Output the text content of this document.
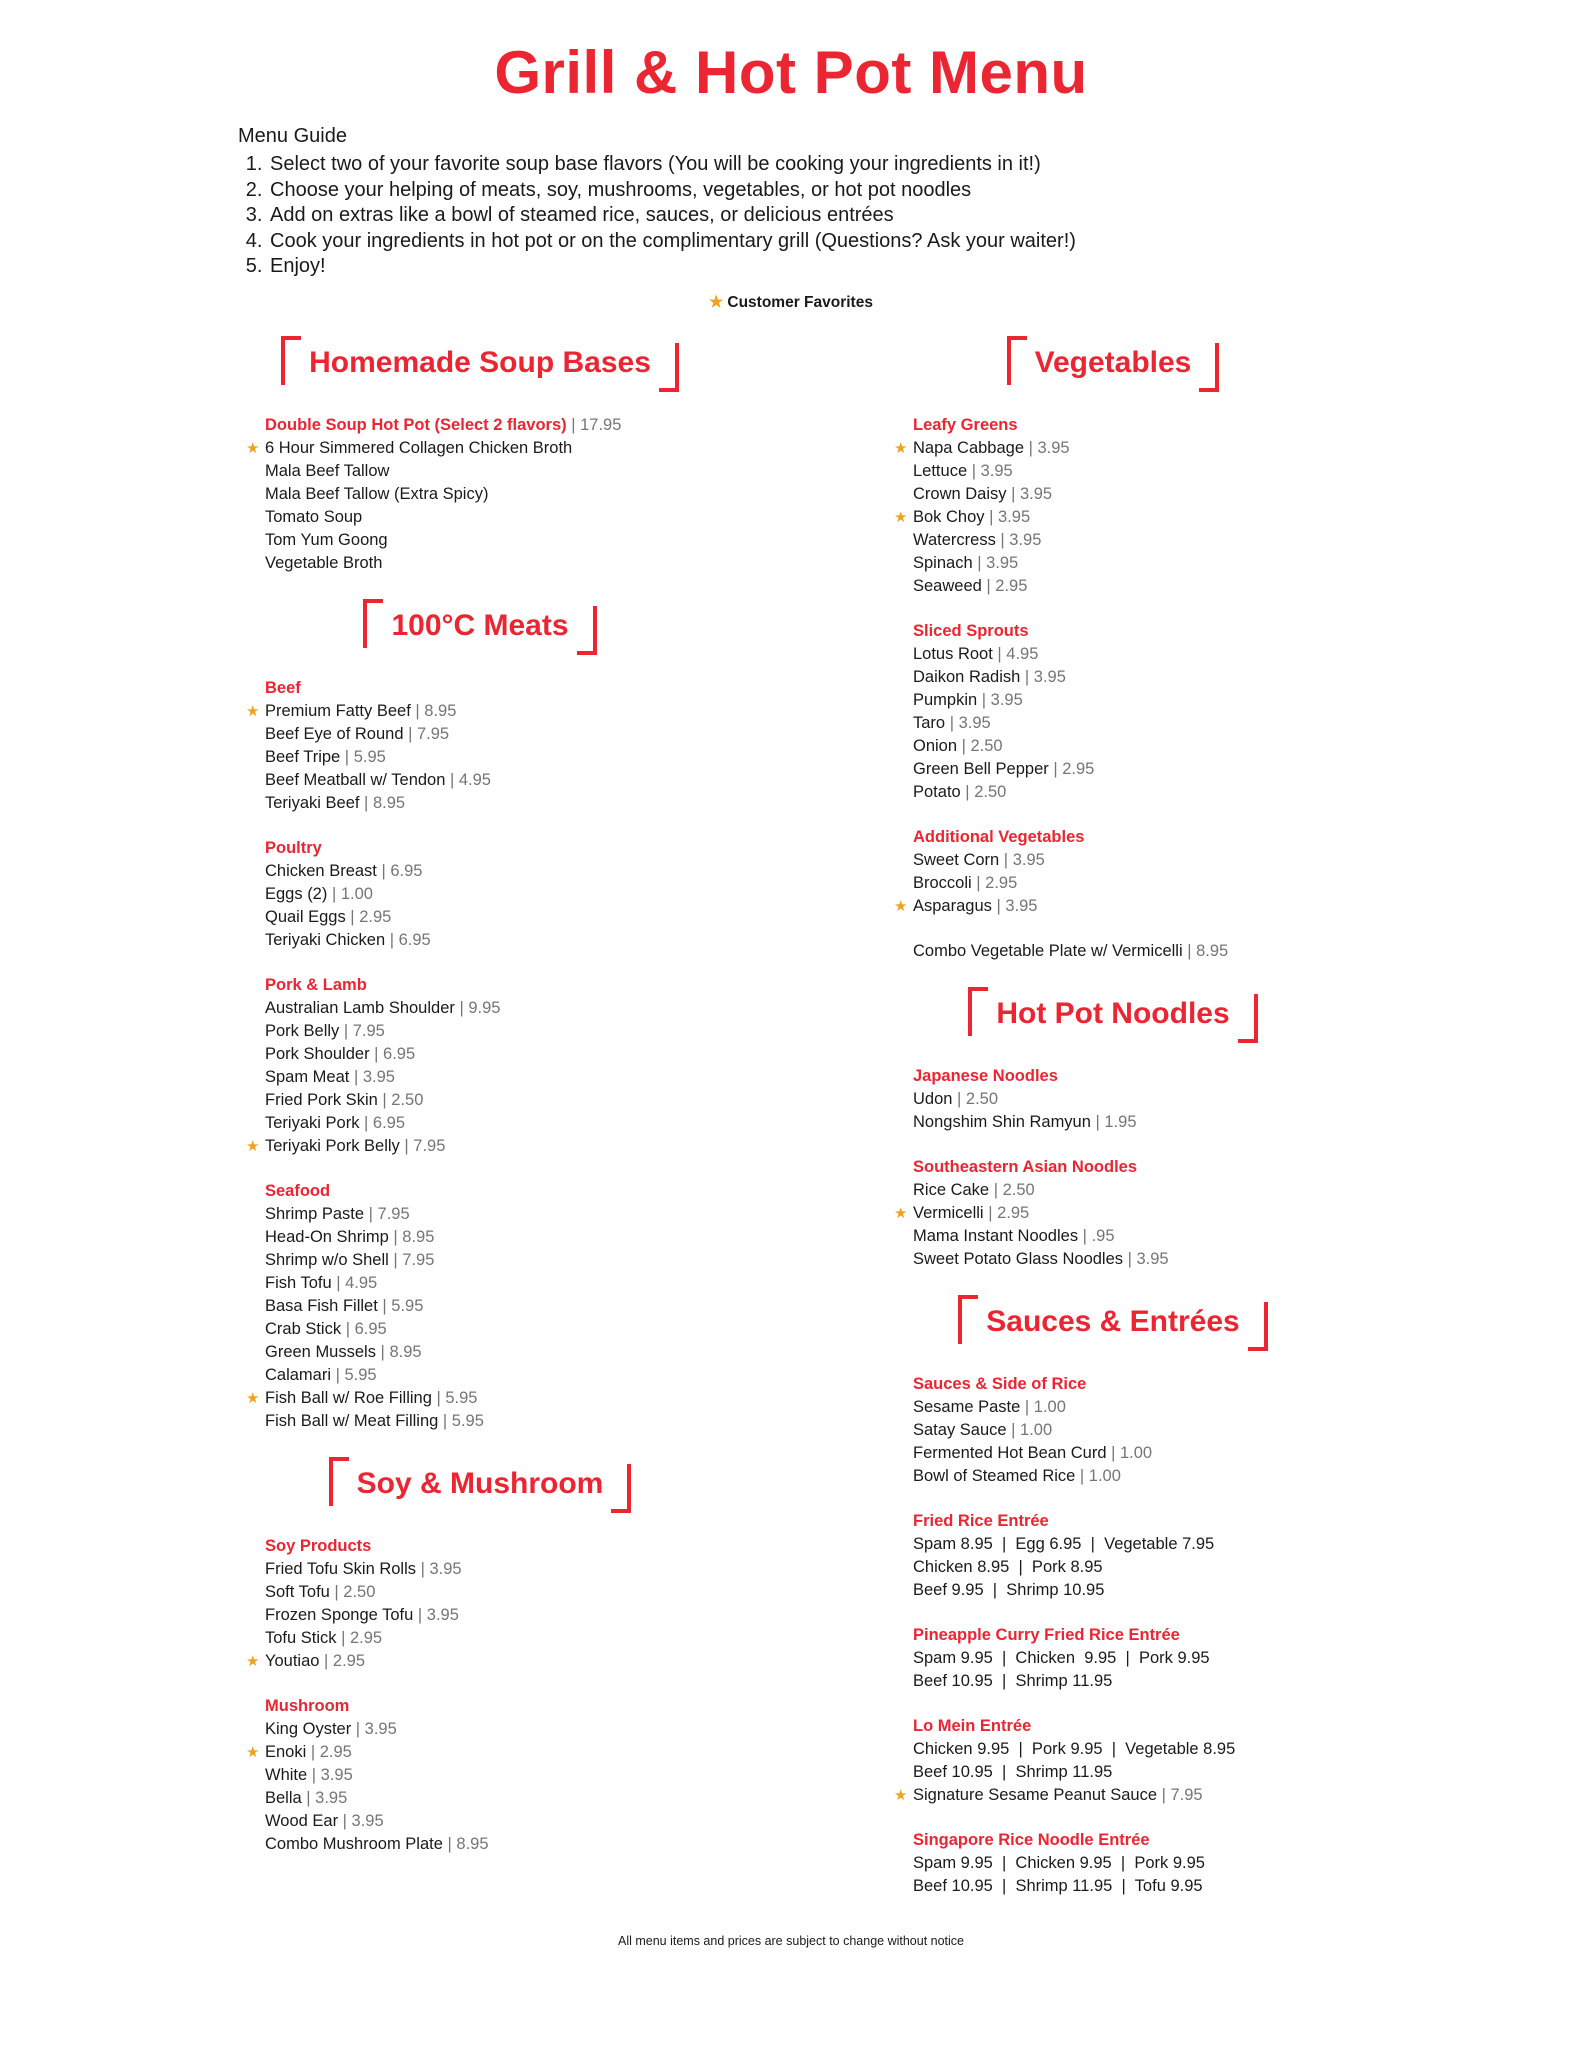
Grill & Hot Pot Menu
Menu Guide
1. Select two of your favorite soup base flavors (You will be cooking your ingredients in it!)
2. Choose your helping of meats, soy, mushrooms, vegetables, or hot pot noodles
3. Add on extras like a bowl of steamed rice, sauces, or delicious entrées
4. Cook your ingredients in hot pot or on the complimentary grill (Questions? Ask your waiter!)
5. Enjoy!
★ Customer Favorites
Homemade Soup Bases
Double Soup Hot Pot (Select 2 flavors) | 17.95
★ 6 Hour Simmered Collagen Chicken Broth
Mala Beef Tallow
Mala Beef Tallow (Extra Spicy)
Tomato Soup
Tom Yum Goong
Vegetable Broth
100°C Meats
Beef
★ Premium Fatty Beef | 8.95
Beef Eye of Round | 7.95
Beef Tripe | 5.95
Beef Meatball w/ Tendon | 4.95
Teriyaki Beef | 8.95
Poultry
Chicken Breast | 6.95
Eggs (2) | 1.00
Quail Eggs | 2.95
Teriyaki Chicken | 6.95
Pork & Lamb
Australian Lamb Shoulder | 9.95
Pork Belly | 7.95
Pork Shoulder | 6.95
Spam Meat | 3.95
Fried Pork Skin | 2.50
Teriyaki Pork | 6.95
★ Teriyaki Pork Belly | 7.95
Seafood
Shrimp Paste | 7.95
Head-On Shrimp | 8.95
Shrimp w/o Shell | 7.95
Fish Tofu | 4.95
Basa Fish Fillet | 5.95
Crab Stick | 6.95
Green Mussels | 8.95
Calamari | 5.95
★ Fish Ball w/ Roe Filling | 5.95
Fish Ball w/ Meat Filling | 5.95
Soy & Mushroom
Soy Products
Fried Tofu Skin Rolls | 3.95
Soft Tofu | 2.50
Frozen Sponge Tofu | 3.95
Tofu Stick | 2.95
★ Youtiao | 2.95
Mushroom
King Oyster | 3.95
★ Enoki | 2.95
White | 3.95
Bella | 3.95
Wood Ear | 3.95
Combo Mushroom Plate | 8.95
Vegetables
Leafy Greens
★ Napa Cabbage | 3.95
Lettuce | 3.95
Crown Daisy | 3.95
★ Bok Choy | 3.95
Watercress | 3.95
Spinach | 3.95
Seaweed | 2.95
Sliced Sprouts
Lotus Root | 4.95
Daikon Radish | 3.95
Pumpkin | 3.95
Taro | 3.95
Onion | 2.50
Green Bell Pepper | 2.95
Potato | 2.50
Additional Vegetables
Sweet Corn | 3.95
Broccoli | 2.95
★ Asparagus | 3.95
Combo Vegetable Plate w/ Vermicelli | 8.95
Hot Pot Noodles
Japanese Noodles
Udon | 2.50
Nongshim Shin Ramyun | 1.95
Southeastern Asian Noodles
Rice Cake | 2.50
★ Vermicelli | 2.95
Mama Instant Noodles | .95
Sweet Potato Glass Noodles | 3.95
Sauces & Entrées
Sauces & Side of Rice
Sesame Paste | 1.00
Satay Sauce | 1.00
Fermented Hot Bean Curd | 1.00
Bowl of Steamed Rice | 1.00
Fried Rice Entrée
Spam 8.95  |  Egg 6.95  |  Vegetable 7.95
Chicken 8.95  |  Pork 8.95
Beef 9.95  |  Shrimp 10.95
Pineapple Curry Fried Rice Entrée
Spam 9.95  |  Chicken  9.95  |  Pork 9.95
Beef 10.95  |  Shrimp 11.95
Lo Mein Entrée
Chicken 9.95  |  Pork 9.95  |  Vegetable 8.95
Beef 10.95  |  Shrimp 11.95
★ Signature Sesame Peanut Sauce | 7.95
Singapore Rice Noodle Entrée
Spam 9.95  |  Chicken 9.95  |  Pork 9.95
Beef 10.95  |  Shrimp 11.95  |  Tofu 9.95
All menu items and prices are subject to change without notice
